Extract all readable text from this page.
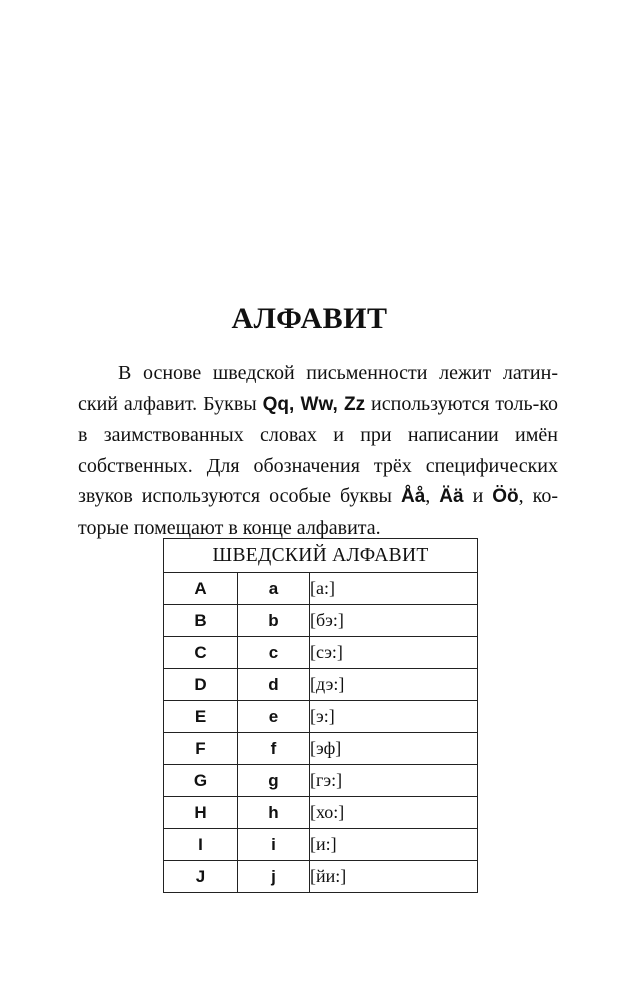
АЛФАВИТ

В основе шведской письменности лежит латин-ский алфавит. Буквы Qq, Ww, Zz используются толь-ко в заимствованных словах и при написании имён собственных. Для обозначения трёх специфических звуков используются особые буквы Åå, Ää и Öö, ко-торые помещают в конце алфавита.

ШВЕДСКИЙ АЛФАВИТ		
A	a	[а:]
B	b	[бэ:]
C	c	[сэ:]
D	d	[дэ:]
E	e	[э:]
F	f	[эф]
G	g	[гэ:]
H	h	[хо:]
I	i	[и:]
J	j	[йи:]
